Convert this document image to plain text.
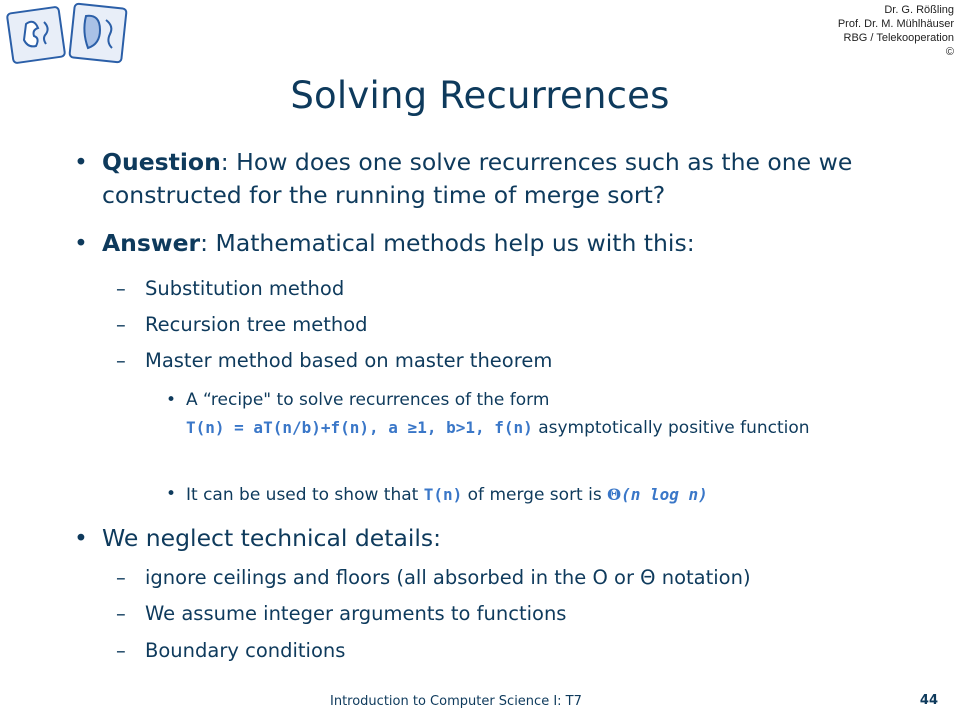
Dr. G. Rößling
Prof. Dr. M. Mühlhäuser
RBG / Telekooperation
©
Solving Recurrences
• Question: How does one solve recurrences such as the one we constructed for the running time of merge sort?
• Answer: Mathematical methods help us with this:
– Substitution method
– Recursion tree method
– Master method based on master theorem
• A “recipe" to solve recurrences of the form
T(n) = aT(n/b)+f(n), a ≥1, b>1, f(n) asymptotically positive function
• It can be used to show that T(n) of merge sort is Θ(n log n)
• We neglect technical details:
– ignore ceilings and floors (all absorbed in the O or Θ notation)
– We assume integer arguments to functions
– Boundary conditions
Introduction to Computer Science I: T7	44
